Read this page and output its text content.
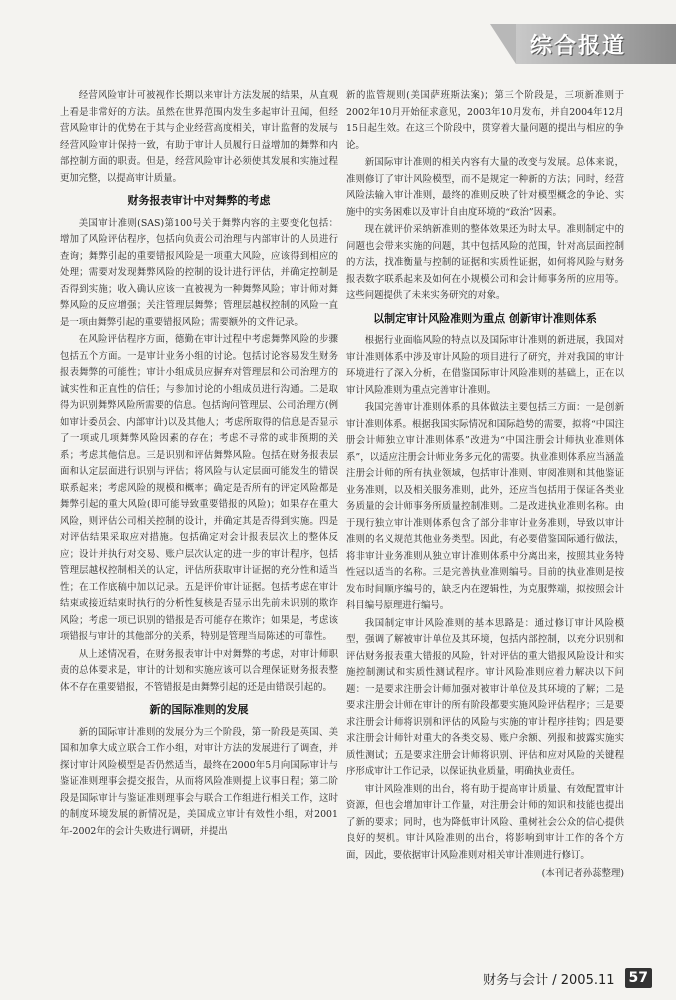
综合报道

经营风险审计可被视作长期以来审计方法发展的结果，从直观上看是非常好的方法。虽然在世界范围内发生多起审计丑闻，但经营风险审计的优势在于其与企业经营高度相关，审计监督的发展与经营风险审计保持一致，有助于审计人员履行日益增加的舞弊和内部控制方面的职责。但是，经营风险审计必须使其发展和实施过程更加完整，以提高审计质量。

财务报表审计中对舞弊的考虑

美国审计准则(SAS)第100号关于舞弊内容的主要变化包括：增加了风险评估程序，包括向负责公司治理与内部审计的人员进行查询；舞弊引起的重要错报风险是一项重大风险，应该得到相应的处理；需要对发现舞弊风险的控制的设计进行评估，并确定控制是否得到实施；收入确认应该一直被视为一种舞弊风险；审计师对舞弊风险的反应增强；关注管理层舞弊；管理层越权控制的风险一直是一项由舞弊引起的重要错报风险；需要额外的文件记录。

在风险评估程序方面，德勤在审计过程中考虑舞弊风险的步骤包括五个方面。一是审计业务小组的讨论。包括讨论容易发生财务报表舞弊的可能性；审计小组成员应摒弃对管理层和公司治理方的诚实性和正直性的信任；与参加讨论的小组成员进行沟通。二是取得为识别舞弊风险所需要的信息。包括询问管理层、公司治理方(例如审计委员会、内部审计)以及其他人；考虑所取得的信息是否显示了一项或几项舞弊风险因素的存在；考虑不寻常的或非预期的关系；考虑其他信息。三是识别和评估舞弊风险。包括在财务报表层面和认定层面进行识别与评估；将风险与认定层面可能发生的错误联系起来；考虑风险的规模和概率；确定是否所有的评定风险都是舞弊引起的重大风险(即可能导致重要错报的风险)；如果存在重大风险，则评估公司相关控制的设计，并确定其是否得到实施。四是对评估结果采取应对措施。包括确定对会计报表层次上的整体反应；设计并执行对交易、账户层次认定的进一步的审计程序，包括管理层越权控制相关的认定，评估所获取审计证据的充分性和适当性；在工作底稿中加以记录。五是评价审计证据。包括考虑在审计结束或接近结束时执行的分析性复核是否显示出先前未识别的欺诈风险；考虑一项已识别的错报是否可能存在欺诈；如果是，考虑该项错报与审计的其他部分的关系，特别是管理当局陈述的可靠性。

从上述情况看，在财务报表审计中对舞弊的考虑，对审计师职责的总体要求是，审计的计划和实施应该可以合理保证财务报表整体不存在重要错报，不管错报是由舞弊引起的还是由错误引起的。

新的国际准则的发展

新的国际审计准则的发展分为三个阶段，第一阶段是英国、美国和加拿大成立联合工作小组，对审计方法的发展进行了调查，并探讨审计风险模型是否仍然适当，最终在2000年5月向国际审计与鉴证准则理事会提交报告，从而将风险准则提上议事日程；第二阶段是国际审计与鉴证准则理事会与联合工作组进行相关工作，这时的制度环境发展的新情况是，美国成立审计有效性小组，对2001年-2002年的会计失败进行调研，并提出

新的监管规则(美国萨班斯法案)；第三个阶段是，三项新准则于2002年10月开始征求意见，2003年10月发布，并自2004年12月15日起生效。在这三个阶段中，贯穿着大量问题的提出与相应的争论。

新国际审计准则的相关内容有大量的改变与发展。总体来说，准则修订了审计风险模型，而不是规定一种新的方法；同时，经营风险法输入审计准则，最终的准则反映了针对模型概念的争论、实施中的实务困难以及审计自由度环境的“政治”因素。

现在就评价采纳新准则的整体效果还为时太早。准则制定中的问题也会带来实施的问题，其中包括风险的范围，针对高层面控制的方法，找准衡量与控制的证据和实质性证据，如何将风险与财务报表数字联系起来及如何在小规模公司和会计师事务所的应用等。这些问题提供了未来实务研究的对象。

以制定审计风险准则为重点 创新审计准则体系

根据行业面临风险的特点以及国际审计准则的新进展，我国对审计准则体系中涉及审计风险的项目进行了研究，并对我国的审计环境进行了深入分析，在借鉴国际审计风险准则的基础上，正在以审计风险准则为重点完善审计准则。

我国完善审计准则体系的具体做法主要包括三方面：一是创新审计准则体系。根据我国实际情况和国际趋势的需要，拟将“中国注册会计师独立审计准则体系”改进为“中国注册会计师执业准则体系”，以适应注册会计师业务多元化的需要。执业准则体系应当涵盖注册会计师的所有执业领域，包括审计准则、审阅准则和其他鉴证业务准则，以及相关服务准则，此外，还应当包括用于保证各类业务质量的会计师事务所质量控制准则。二是改进执业准则名称。由于现行独立审计准则体系包含了部分非审计业务准则，导致以审计准则的名义规范其他业务类型。因此，有必要借鉴国际通行做法，将非审计业务准则从独立审计准则体系中分离出来，按照其业务特性冠以适当的名称。三是完善执业准则编号。目前的执业准则是按发布时间顺序编号的，缺乏内在逻辑性，为克服弊端，拟按照会计科目编号原理进行编号。

我国制定审计风险准则的基本思路是：通过修订审计风险模型，强调了解被审计单位及其环境，包括内部控制，以充分识别和评估财务报表重大错报的风险，针对评估的重大错报风险设计和实施控制测试和实质性测试程序。审计风险准则应着力解决以下问题：一是要求注册会计师加强对被审计单位及其环境的了解；二是要求注册会计师在审计的所有阶段都要实施风险评估程序；三是要求注册会计师将识别和评估的风险与实施的审计程序挂钩；四是要求注册会计师针对重大的各类交易、账户余额、列报和披露实施实质性测试；五是要求注册会计师将识别、评估和应对风险的关键程序形成审计工作记录，以保证执业质量，明确执业责任。

审计风险准则的出台，将有助于提高审计质量、有效配置审计资源，但也会增加审计工作量，对注册会计师的知识和技能也提出了新的要求；同时，也为降低审计风险、重树社会公众的信心提供良好的契机。审计风险准则的出台，将影响到审计工作的各个方面，因此，要依据审计风险准则对相关审计准则进行修订。

(本刊记者孙蕊整理)

财务与会计 / 2005.11 57
